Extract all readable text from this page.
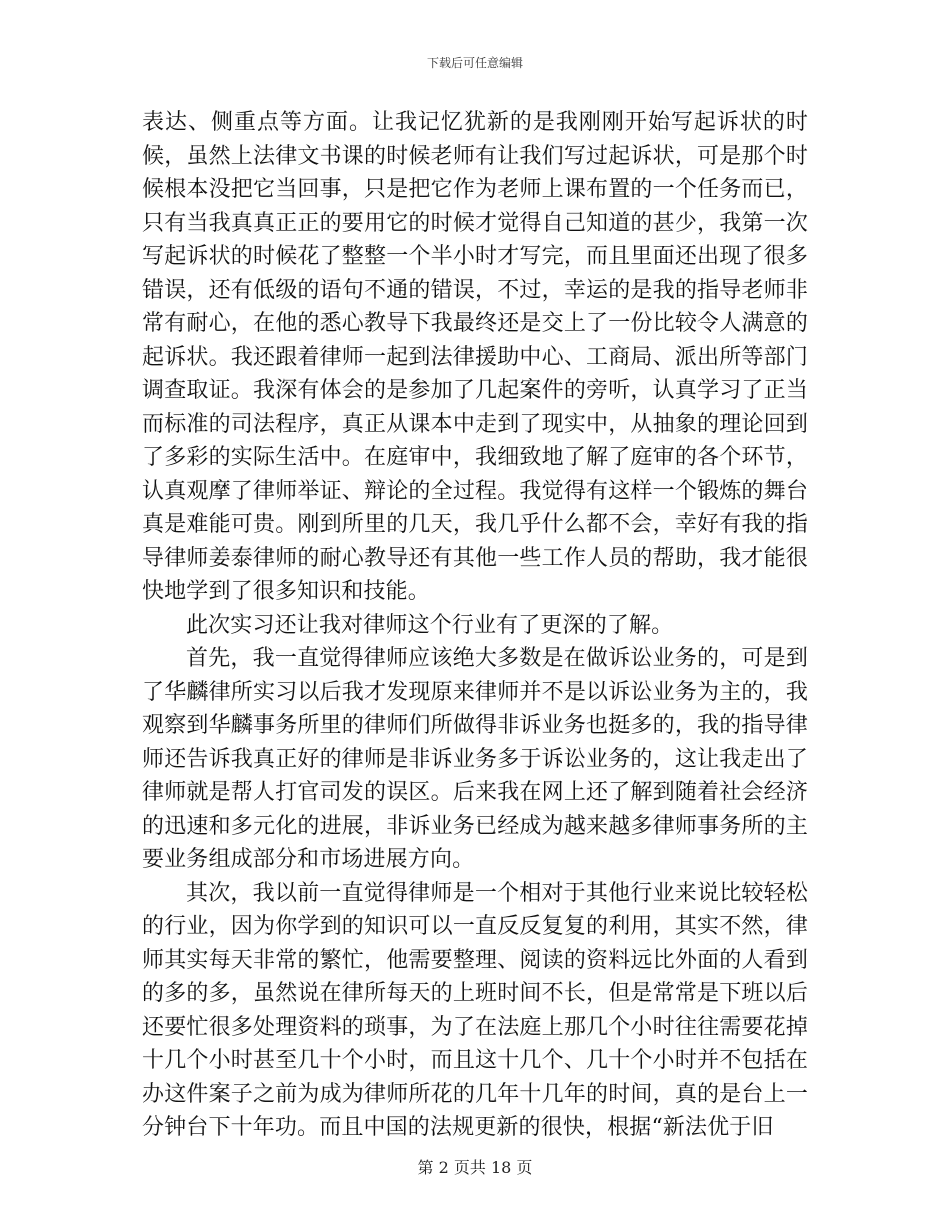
下载后可任意编辑

表达、侧重点等方面。让我记忆犹新的是我刚刚开始写起诉状的时候，虽然上法律文书课的时候老师有让我们写过起诉状，可是那个时候根本没把它当回事，只是把它作为老师上课布置的一个任务而已，只有当我真真正正的要用它的时候才觉得自己知道的甚少，我第一次写起诉状的时候花了整整一个半小时才写完，而且里面还出现了很多错误，还有低级的语句不通的错误，不过，幸运的是我的指导老师非常有耐心，在他的悉心教导下我最终还是交上了一份比较令人满意的起诉状。我还跟着律师一起到法律援助中心、工商局、派出所等部门调查取证。我深有体会的是参加了几起案件的旁听，认真学习了正当而标准的司法程序，真正从课本中走到了现实中，从抽象的理论回到了多彩的实际生活中。在庭审中，我细致地了解了庭审的各个环节，认真观摩了律师举证、辩论的全过程。我觉得有这样一个锻炼的舞台真是难能可贵。刚到所里的几天，我几乎什么都不会，幸好有我的指导律师姜泰律师的耐心教导还有其他一些工作人员的帮助，我才能很快地学到了很多知识和技能。

此次实习还让我对律师这个行业有了更深的了解。

首先，我一直觉得律师应该绝大多数是在做诉讼业务的，可是到了华麟律所实习以后我才发现原来律师并不是以诉讼业务为主的，我观察到华麟事务所里的律师们所做得非诉业务也挺多的，我的指导律师还告诉我真正好的律师是非诉业务多于诉讼业务的，这让我走出了律师就是帮人打官司发的误区。后来我在网上还了解到随着社会经济的迅速和多元化的进展，非诉业务已经成为越来越多律师事务所的主要业务组成部分和市场进展方向。

其次，我以前一直觉得律师是一个相对于其他行业来说比较轻松的行业，因为你学到的知识可以一直反反复复的利用，其实不然，律师其实每天非常的繁忙，他需要整理、阅读的资料远比外面的人看到的多的多，虽然说在律所每天的上班时间不长，但是常常是下班以后还要忙很多处理资料的琐事，为了在法庭上那几个小时往往需要花掉十几个小时甚至几十个小时，而且这十几个、几十个小时并不包括在办这件案子之前为成为律师所花的几年十几年的时间，真的是台上一分钟台下十年功。而且中国的法规更新的很快，根据“新法优于旧

第 2 页共 18 页
